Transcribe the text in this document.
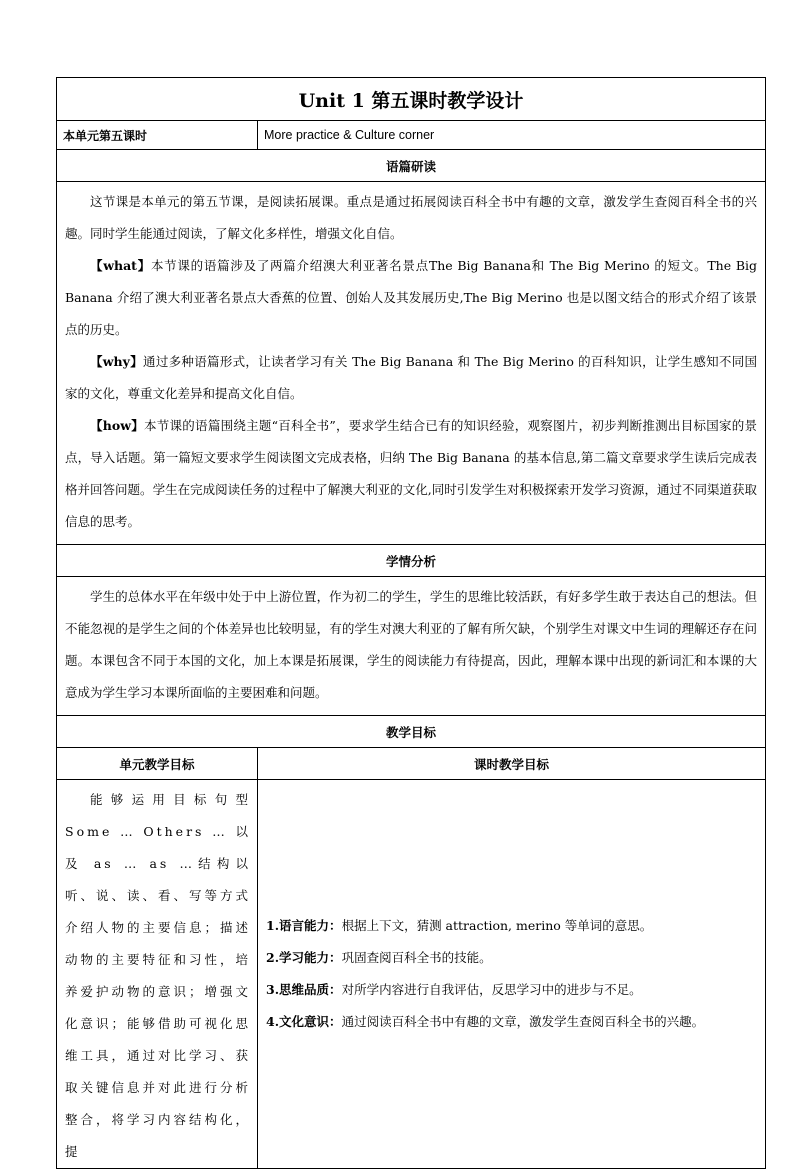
Unit 1 第五课时教学设计	
本单元第五课时	More practice & Culture corner
语篇研读	

这节课是本单元的第五节课，是阅读拓展课。重点是通过拓展阅读百科全书中有趣的文章，激发学生查阅百科全书的兴趣。同时学生能通过阅读，了解文化多样性，增强文化自信。

【what】本节课的语篇涉及了两篇介绍澳大利亚著名景点The Big Banana和 The Big Merino 的短文。The Big Banana 介绍了澳大利亚著名景点大香蕉的位置、创始人及其发展历史,The Big Merino 也是以图文结合的形式介绍了该景点的历史。

【why】通过多种语篇形式，让读者学习有关 The Big Banana 和 The Big Merino 的百科知识，让学生感知不同国家的文化，尊重文化差异和提高文化自信。

【how】本节课的语篇围绕主题“百科全书”，要求学生结合已有的知识经验，观察图片，初步判断推测出目标国家的景点，导入话题。第一篇短文要求学生阅读图文完成表格，归纳 The Big Banana 的基本信息,第二篇文章要求学生读后完成表格并回答问题。学生在完成阅读任务的过程中了解澳大利亚的文化,同时引发学生对积极探索开发学习资源，通过不同渠道获取信息的思考。	

学情分析	

学生的总体水平在年级中处于中上游位置，作为初二的学生，学生的思维比较活跃，有好多学生敢于表达自己的想法。但不能忽视的是学生之间的个体差异也比较明显，有的学生对澳大利亚的了解有所欠缺，个别学生对课文中生词的理解还存在问题。本课包含不同于本国的文化，加上本课是拓展课，学生的阅读能力有待提高，因此，理解本课中出现的新词汇和本课的大意成为学生学习本课所面临的主要困难和问题。	

教学目标	
单元教学目标	课时教学目标

能够运用目标句型 Some … Others … 以及 as … as …结构以听、说、读、看、写等方式介绍人物的主要信息；描述动物的主要特征和习性，培养爱护动物的意识；增强文化意识；能够借助可视化思维工具，通过对比学习、获取关键信息并对此进行分析整合，将学习内容结构化，提	1.语言能力：根据上下文，猜测 attraction, merino 等单词的意思。

2.学习能力：巩固查阅百科全书的技能。

3.思维品质：对所学内容进行自我评估，反思学习中的进步与不足。

4.文化意识：通过阅读百科全书中有趣的文章，激发学生查阅百科全书的兴趣。
